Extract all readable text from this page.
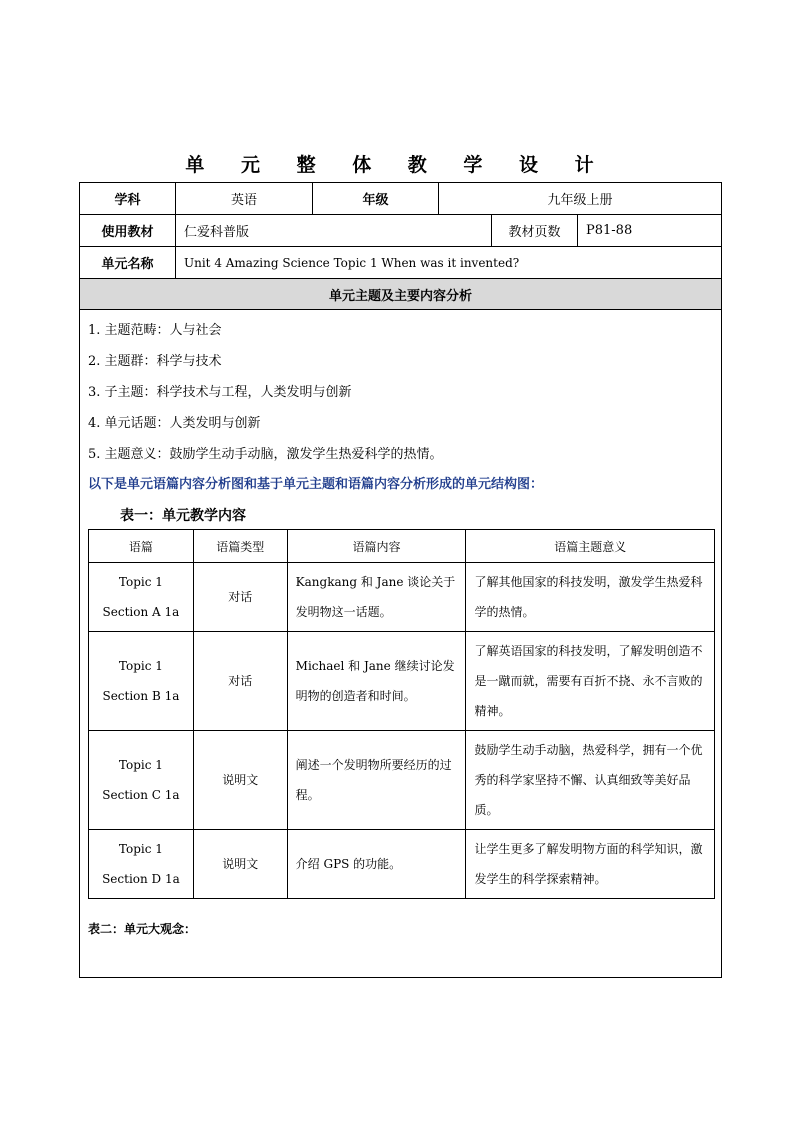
单 元 整 体 教 学 设 计
学科	英语	年级	九年级上册
使用教材	仁爱科普版	教材页数	P81-88
单元名称	Unit 4 Amazing Science Topic 1 When was it invented?
单元主题及主要内容分析
1. 主题范畴：人与社会
2. 主题群：科学与技术
3. 子主题：科学技术与工程，人类发明与创新
4. 单元话题：人类发明与创新
5. 主题意义：鼓励学生动手动脑，激发学生热爱科学的热情。
以下是单元语篇内容分析图和基于单元主题和语篇内容分析形成的单元结构图：
表一：单元教学内容
语篇	语篇类型	语篇内容	语篇主题意义

Topic 1
Section A 1a	对话	Kangkang 和 Jane 谈论关于发明物这一话题。	了解其他国家的科技发明，激发学生热爱科学的热情。

Topic 1
Section B 1a	对话	Michael 和 Jane 继续讨论发明物的创造者和时间。	了解英语国家的科技发明，了解发明创造不是一蹴而就，需要有百折不挠、永不言败的精神。

Topic 1
Section C 1a	说明文	阐述一个发明物所要经历的过程。	鼓励学生动手动脑，热爱科学，拥有一个优秀的科学家坚持不懈、认真细致等美好品质。

Topic 1
Section D 1a	说明文	介绍 GPS 的功能。	让学生更多了解发明物方面的科学知识，激发学生的科学探索精神。
表二：单元大观念：
